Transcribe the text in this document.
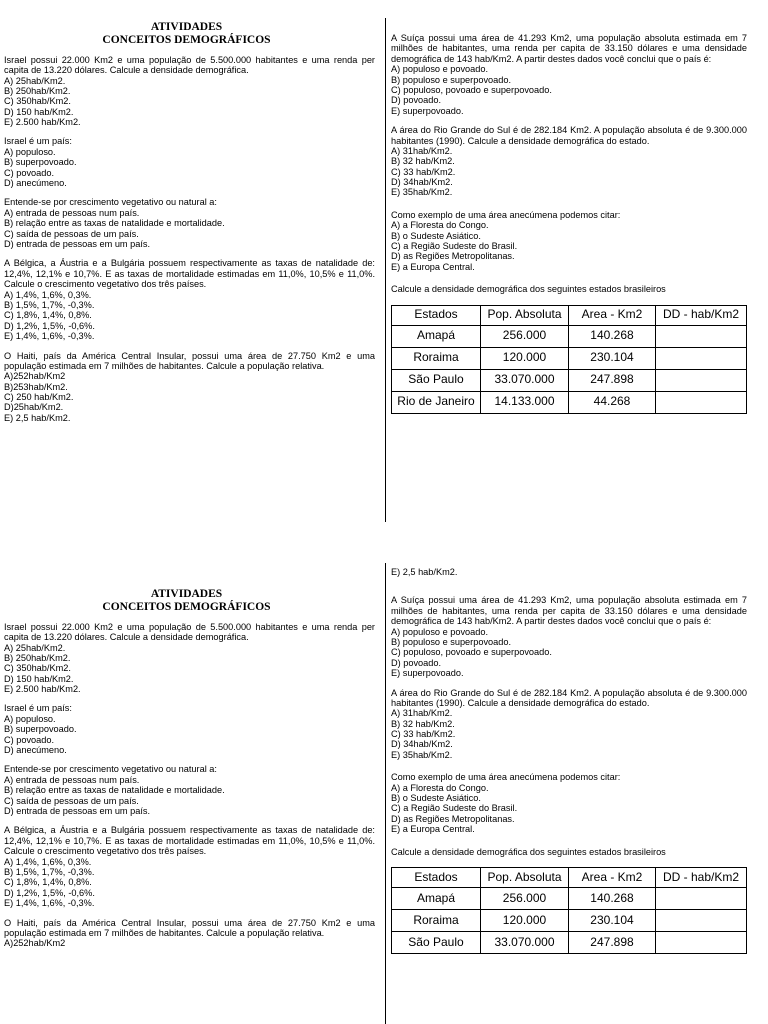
ATIVIDADES
CONCEITOS DEMOGRÁFICOS
Israel possui 22.000 Km2 e uma população de 5.500.000 habitantes e uma renda per capita de 13.220 dólares. Calcule a densidade demográfica.
A) 25hab/Km2.
B) 250hab/Km2.
C) 350hab/Km2.
D) 150 hab/Km2.
E) 2.500 hab/Km2.
Israel é um país:
A) populoso.
B) superpovoado.
C) povoado.
D) anecúmeno.
Entende-se por crescimento vegetativo ou natural a:
A) entrada de pessoas num país.
B) relação entre as taxas de natalidade e mortalidade.
C) saída de pessoas de um país.
D) entrada de pessoas em um país.
A Bélgica, a Áustria e a Bulgária possuem respectivamente as taxas de natalidade de: 12,4%, 12,1% e 10,7%. E as taxas de mortalidade estimadas em 11,0%, 10,5% e 11,0%. Calcule o crescimento vegetativo dos três países.
A) 1,4%, 1,6%, 0,3%.
B) 1,5%, 1,7%, -0,3%.
C) 1,8%, 1,4%, 0,8%.
D) 1,2%, 1,5%, -0,6%.
E) 1,4%, 1,6%, -0,3%.
O Haiti, país da América Central Insular, possui uma área de 27.750 Km2 e uma população estimada em 7 milhões de habitantes. Calcule a população relativa.
A)252hab/Km2
B)253hab/Km2.
C) 250 hab/Km2.
D)25hab/Km2.
E) 2,5 hab/Km2.
A Suíça possui uma área de 41.293 Km2, uma população absoluta estimada em 7 milhões de habitantes, uma renda per capita de 33.150 dólares e uma densidade demográfica de 143 hab/Km2. A partir destes dados você conclui que o país é:
A) populoso e povoado.
B) populoso e superpovoado.
C) populoso, povoado e superpovoado.
D) povoado.
E) superpovoado.
A área do Rio Grande do Sul é de 282.184 Km2. A população absoluta é de 9.300.000 habitantes (1990). Calcule a densidade demográfica do estado.
A) 31hab/Km2.
B) 32 hab/Km2.
C) 33 hab/Km2.
D) 34hab/Km2.
E) 35hab/Km2.
Como exemplo de uma área anecúmena podemos citar:
A) a Floresta do Congo.
B) o Sudeste Asiático.
C) a Região Sudeste do Brasil.
D) as Regiões Metropolitanas.
E) a Europa Central.
Calcule a densidade demográfica dos seguintes estados brasileiros
Estados	Pop. Absoluta	Area - Km2	DD - hab/Km2
Amapá	256.000	140.268	
Roraima	120.000	230.104	
São Paulo	33.070.000	247.898	
Rio de Janeiro	14.133.000	44.268	
ATIVIDADES
CONCEITOS DEMOGRÁFICOS
Israel possui 22.000 Km2 e uma população de 5.500.000 habitantes e uma renda per capita de 13.220 dólares. Calcule a densidade demográfica.
A) 25hab/Km2.
B) 250hab/Km2.
C) 350hab/Km2.
D) 150 hab/Km2.
E) 2.500 hab/Km2.
Israel é um país:
A) populoso.
B) superpovoado.
C) povoado.
D) anecúmeno.
Entende-se por crescimento vegetativo ou natural a:
A) entrada de pessoas num país.
B) relação entre as taxas de natalidade e mortalidade.
C) saída de pessoas de um país.
D) entrada de pessoas em um país.
A Bélgica, a Áustria e a Bulgária possuem respectivamente as taxas de natalidade de: 12,4%, 12,1% e 10,7%. E as taxas de mortalidade estimadas em 11,0%, 10,5% e 11,0%. Calcule o crescimento vegetativo dos três países.
A) 1,4%, 1,6%, 0,3%.
B) 1,5%, 1,7%, -0,3%.
C) 1,8%, 1,4%, 0,8%.
D) 1,2%, 1,5%, -0,6%.
E) 1,4%, 1,6%, -0,3%.
O Haiti, país da América Central Insular, possui uma área de 27.750 Km2 e uma população estimada em 7 milhões de habitantes. Calcule a população relativa.
A)252hab/Km2
E) 2,5 hab/Km2.
A Suíça possui uma área de 41.293 Km2, uma população absoluta estimada em 7 milhões de habitantes, uma renda per capita de 33.150 dólares e uma densidade demográfica de 143 hab/Km2. A partir destes dados você conclui que o país é:
A) populoso e povoado.
B) populoso e superpovoado.
C) populoso, povoado e superpovoado.
D) povoado.
E) superpovoado.
A área do Rio Grande do Sul é de 282.184 Km2. A população absoluta é de 9.300.000 habitantes (1990). Calcule a densidade demográfica do estado.
A) 31hab/Km2.
B) 32 hab/Km2.
C) 33 hab/Km2.
D) 34hab/Km2.
E) 35hab/Km2.
Como exemplo de uma área anecúmena podemos citar:
A) a Floresta do Congo.
B) o Sudeste Asiático.
C) a Região Sudeste do Brasil.
D) as Regiões Metropolitanas.
E) a Europa Central.
Calcule a densidade demográfica dos seguintes estados brasileiros
Estados	Pop. Absoluta	Area - Km2	DD - hab/Km2
Amapá	256.000	140.268	
Roraima	120.000	230.104	
São Paulo	33.070.000	247.898	
